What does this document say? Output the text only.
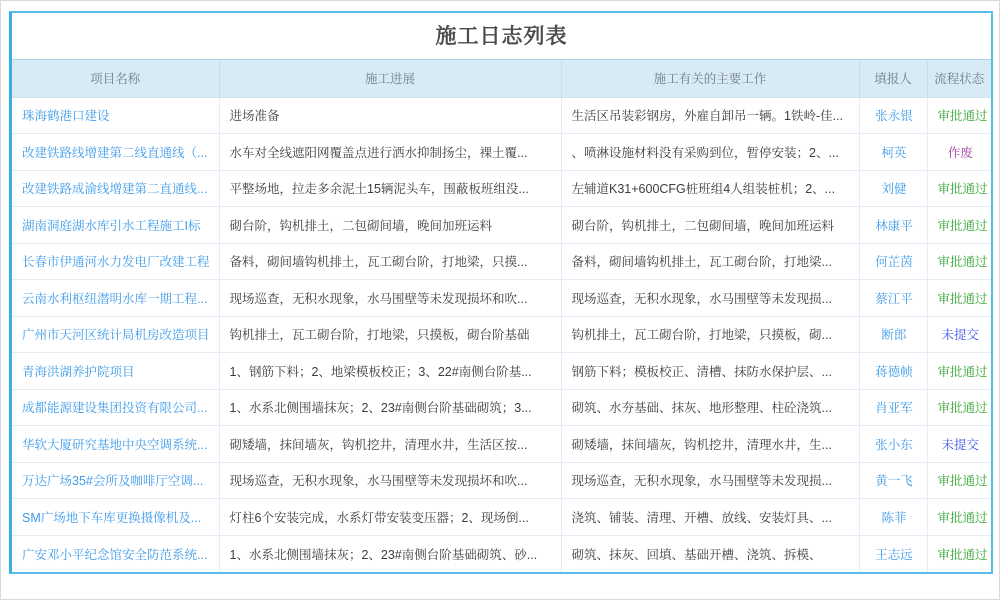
施工日志列表
项目名称	施工进展	施工有关的主要工作	填报人	流程状态
珠海鹤港口建设	进场准备	生活区吊装彩钢房，外雇自卸吊一辆。1铁岭-佳...	张永银	审批通过
改建铁路线增建第二线直通线（...	水车对全线遮阳网覆盖点进行洒水抑制扬尘，裸土覆...	、喷淋设施材料没有采购到位，暂停安装；2、...	柯英	作废
改建铁路成渝线增建第二直通线...	平整场地，拉走多余泥土15辆泥头车，围蔽板班组没...	左辅道K31+600CFG桩班组4人组装桩机；2、...	刘健	审批通过
湖南洞庭湖水库引水工程施工I标	砌台阶，钩机排土，二包砌间墙，晚间加班运料	砌台阶，钩机排土，二包砌间墙，晚间加班运料	林康平	审批通过
长春市伊通河水力发电厂改建工程	备料，砌间墙钩机排土，瓦工砌台阶，打地梁，只摸...	备料，砌间墙钩机排土，瓦工砌台阶，打地梁...	何芷茵	审批通过
云南水利枢纽潜明水库一期工程...	现场巡查，无积水现象，水马围壁等未发现损坏和吹...	现场巡查，无积水现象，水马围壁等未发现损...	蔡江平	审批通过
广州市天河区统计局机房改造项目	钩机排土，瓦工砌台阶，打地梁，只摸板，砌台阶基础	钩机排土，瓦工砌台阶，打地梁，只摸板，砌...	断郎	未提交
青海洪湖养护院项目	1、钢筋下料；2、地梁模板校正；3、22#南侧台阶基...	钢筋下料；模板校正、清槽、抹防水保护层、...	蒋德帧	审批通过
成都能源建设集团投资有限公司...	1、水系北侧围墙抹灰；2、23#南侧台阶基础砌筑；3...	砌筑、水夯基础、抹灰、地形整理、柱砼浇筑...	肖亚军	审批通过
华软大厦研究基地中央空调系统...	砌矮墙，抹间墙灰，钩机挖井，清理水井，生活区按...	砌矮墙，抹间墙灰，钩机挖井，清理水井，生...	张小东	未提交
万达广场35#会所及咖啡厅空调...	现场巡查，无积水现象，水马围壁等未发现损坏和吹...	现场巡查，无积水现象，水马围壁等未发现损...	黄一飞	审批通过
SM广场地下车库更换摄像机及...	灯柱6个安装完成，水系灯带安装变压器；2、现场倒...	浇筑、铺装、清理、开槽、放线、安装灯具、...	陈菲	审批通过
广安邓小平纪念馆安全防范系统...	1、水系北侧围墙抹灰；2、23#南侧台阶基础砌筑、砂...	砌筑、抹灰、回填、基础开槽、浇筑、拆模、	王志远	审批通过
